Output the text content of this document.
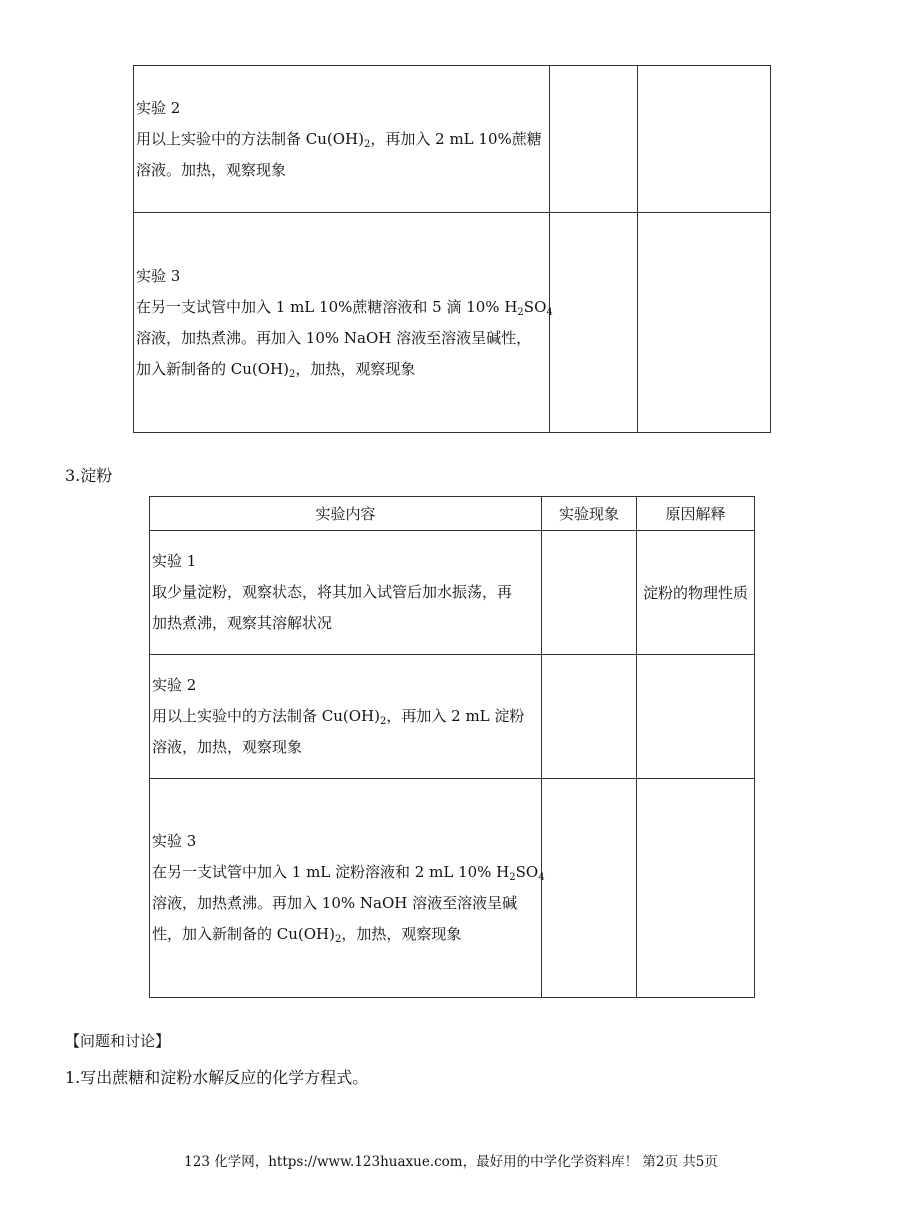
实验 2
用以上实验中的方法制备 $Cu(OH)_2$，再加入 2 mL 10%蔗糖
溶液。加热，观察现象		

实验 3
在另一支试管中加入 1 mL 10%蔗糖溶液和 5 滴 10% $H_2SO_4$
溶液，加热煮沸。再加入 10% NaOH 溶液至溶液呈碱性，
加入新制备的 $Cu(OH)_2$，加热，观察现象		

3.淀粉
实验内容	实验现象	原因解释

实验 1
取少量淀粉，观察状态，将其加入试管后加水振荡，再
加热煮沸，观察其溶解状况		淀粉的物理性质

实验 2
用以上实验中的方法制备 $Cu(OH)_2$，再加入 2 mL 淀粉
溶液，加热，观察现象		

实验 3
在另一支试管中加入 1 mL 淀粉溶液和 2 mL 10% $H_2SO_4$
溶液，加热煮沸。再加入 10% NaOH 溶液至溶液呈碱
性，加入新制备的 $Cu(OH)_2$，加热，观察现象		

【问题和讨论】
1.写出蔗糖和淀粉水解反应的化学方程式。
123 化学网，https://www.123huaxue.com，最好用的中学化学资料库！ 第2页 共5页
